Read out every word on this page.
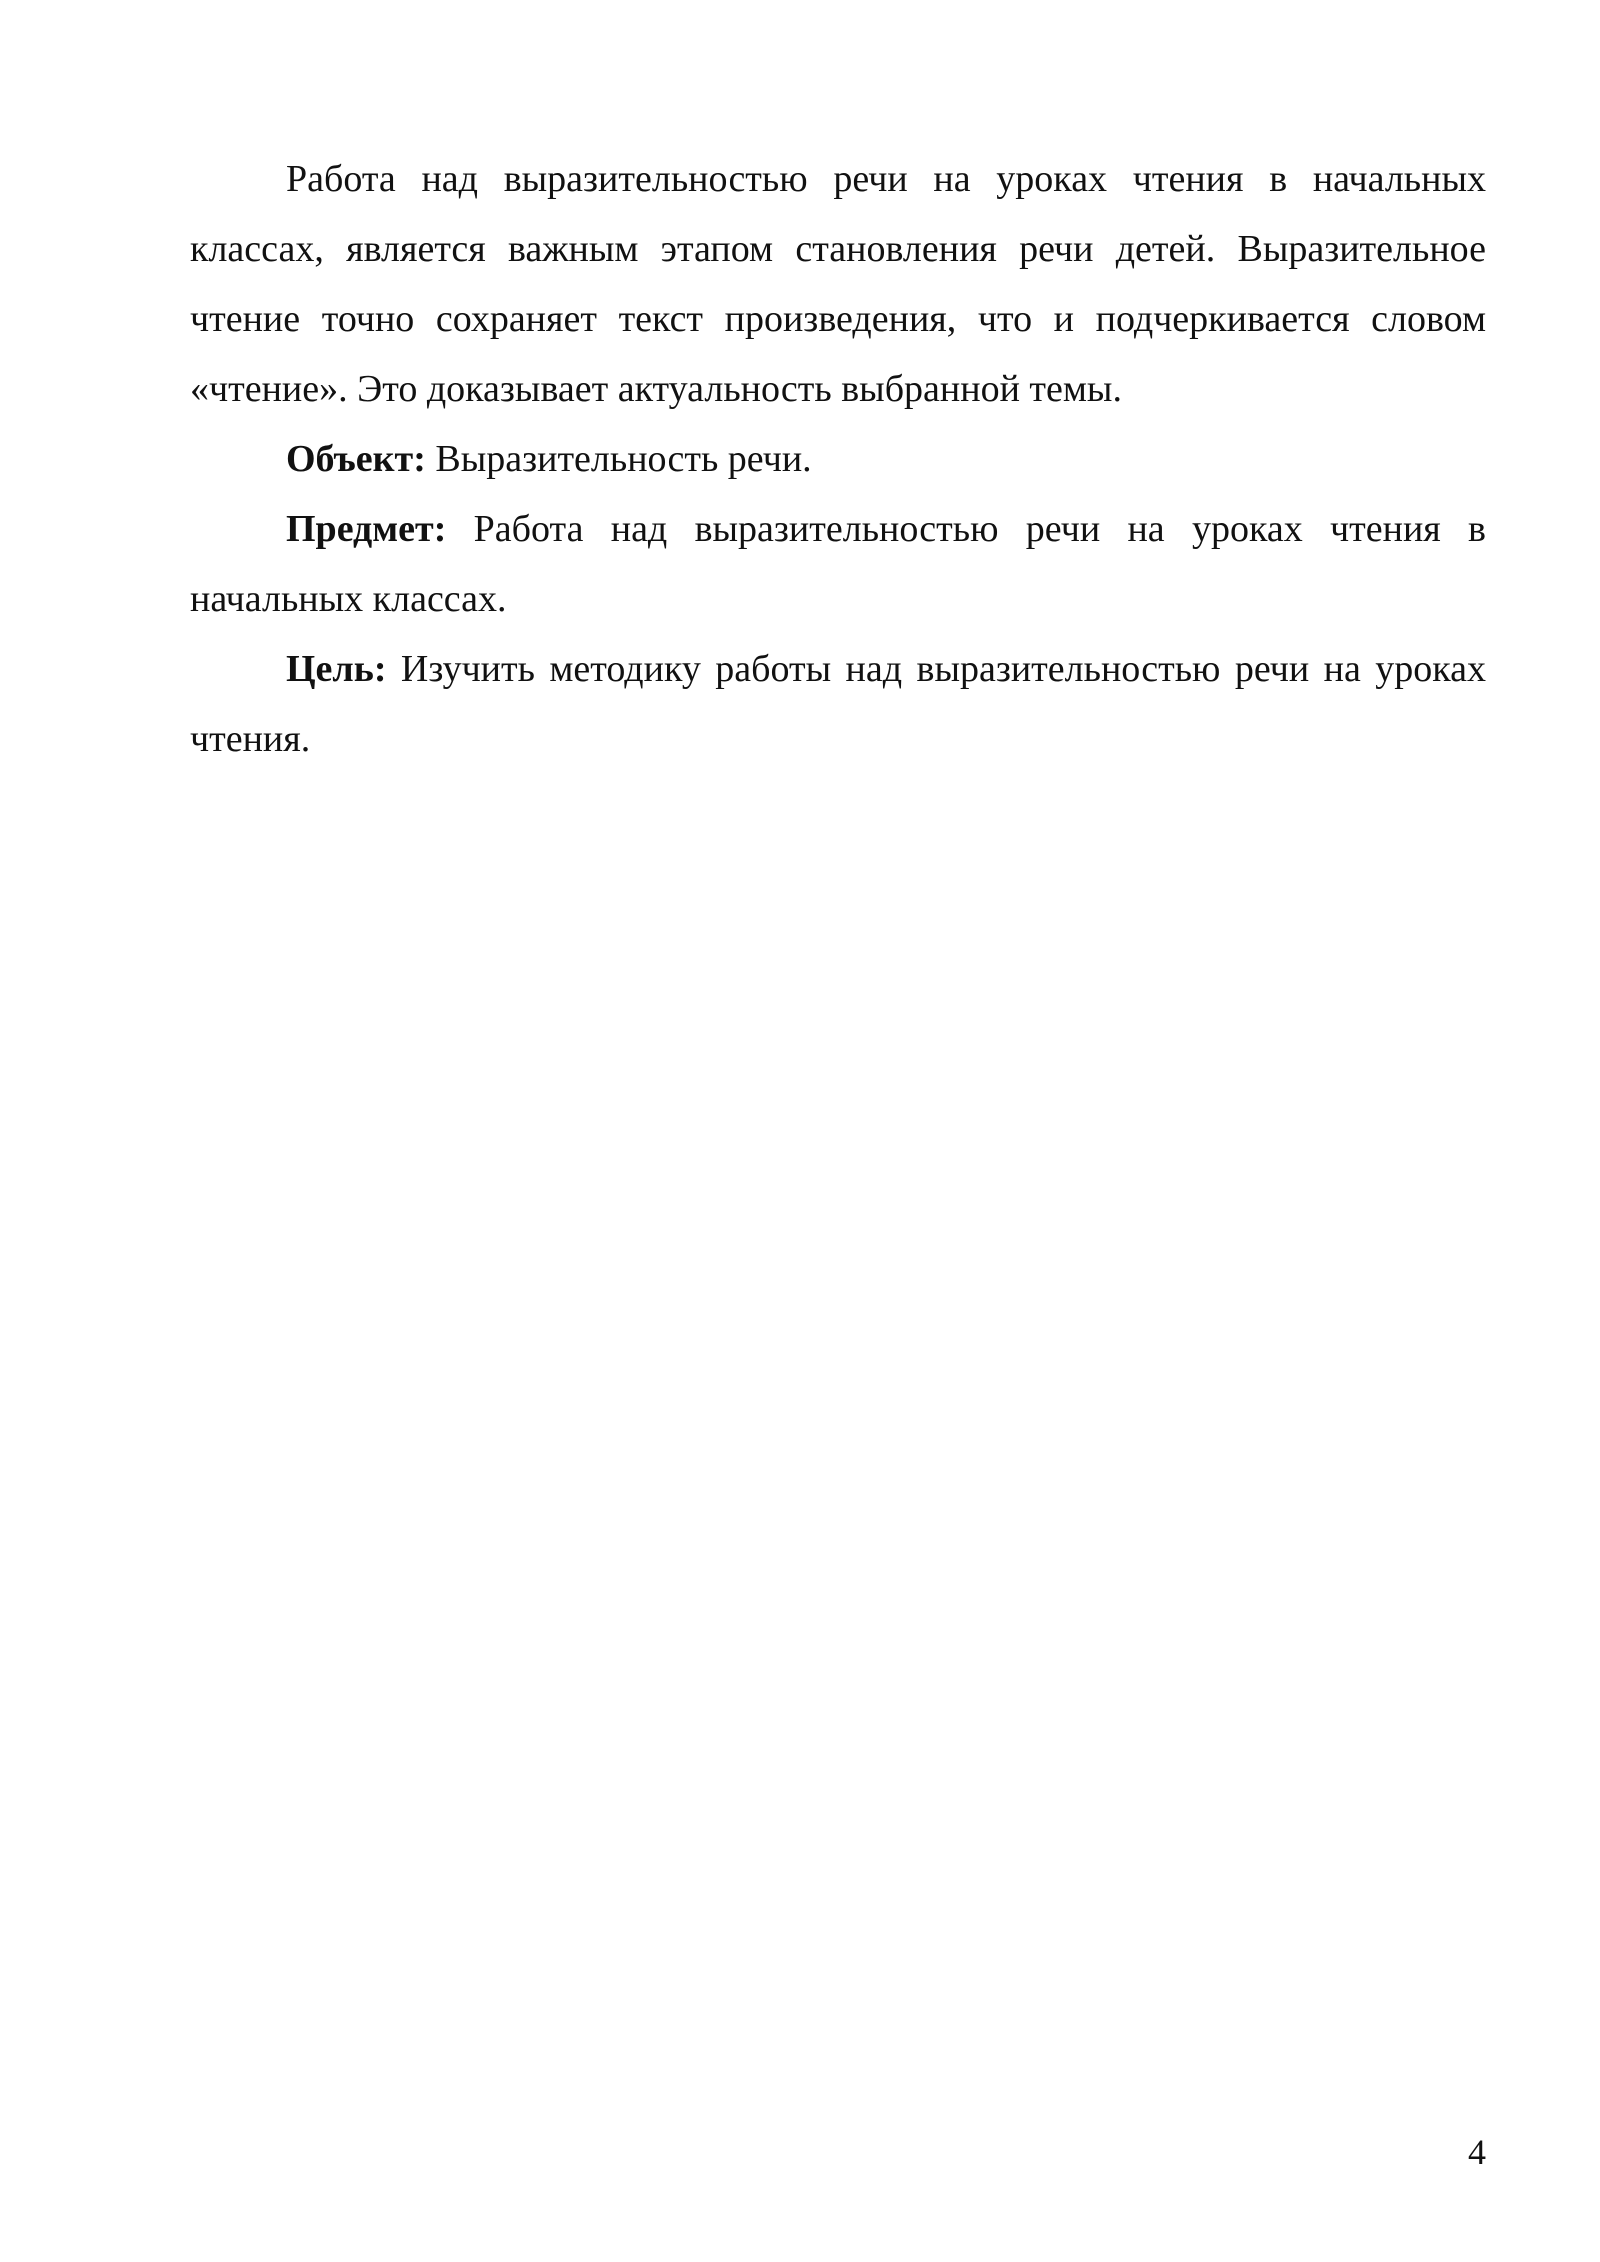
Работа над выразительностью речи на уроках чтения в начальных классах, является важным этапом становления речи детей. Выразительное чтение точно сохраняет текст произведения, что и подчеркивается словом «чтение». Это доказывает актуальность выбранной темы.

Объект: Выразительность речи.

Предмет: Работа над выразительностью речи на уроках чтения в начальных классах.

Цель: Изучить методику работы над выразительностью речи на уроках чтения.

4
